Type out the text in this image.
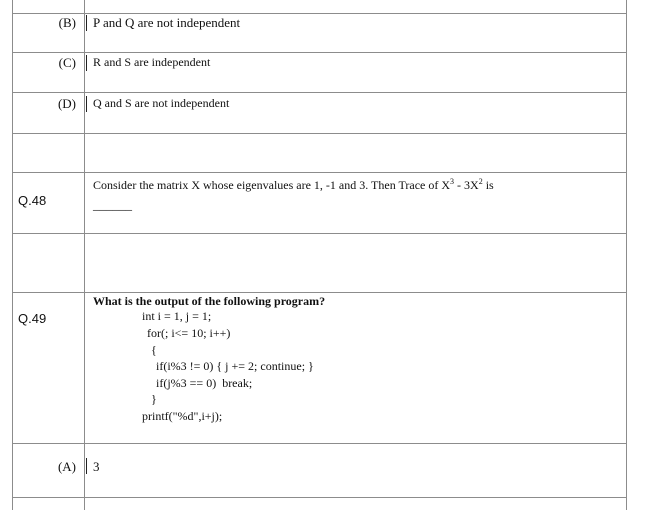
(B) P and Q are not independent
(C) R and S are independent
(D) Q and S are not independent
Q.48
Consider the matrix X whose eigenvalues are 1, -1 and 3. Then Trace of $X^3 - 3X^2$ is
______
Q.49
What is the output of the following program?
int i = 1, j = 1;
for(; i<= 10; i++)
{
if(i%3 != 0) { j += 2; continue; }
if(j%3 == 0)  break;
}
printf("%d",i+j);
(A) 3
